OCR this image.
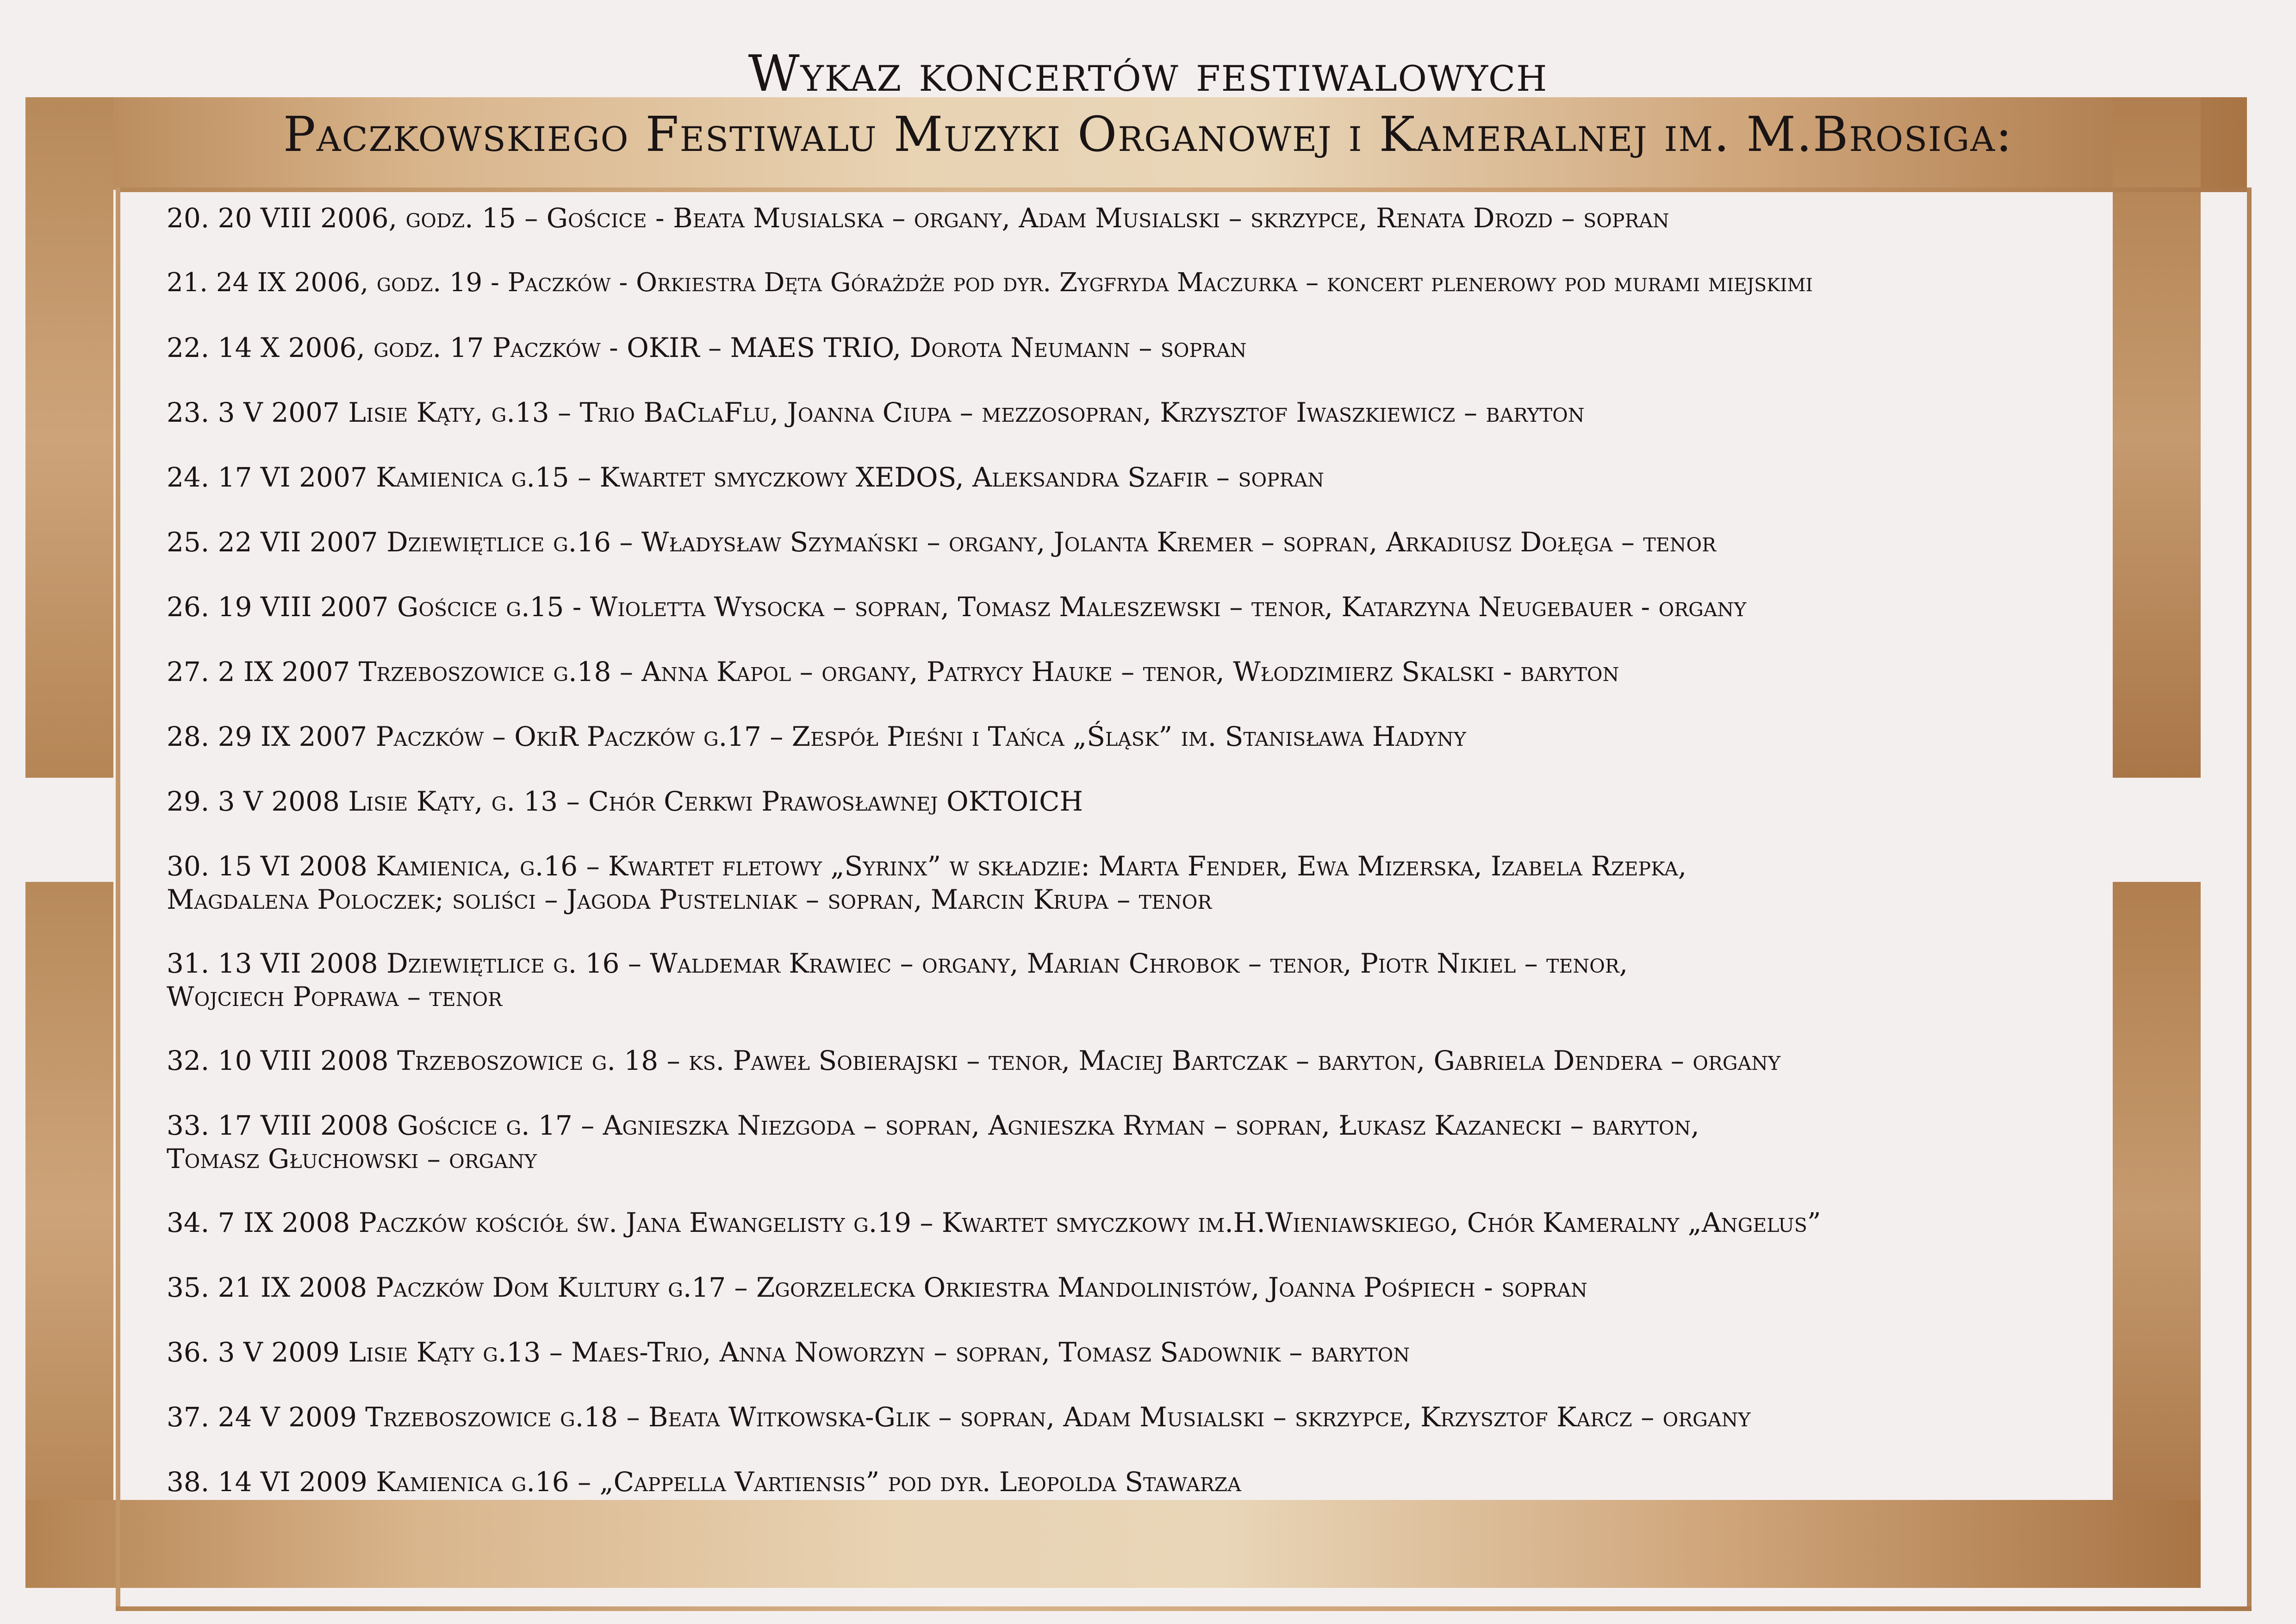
Wykaz koncertów festiwalowych
Paczkowskiego Festiwalu Muzyki Organowej i Kameralnej im. M.Brosiga:
20. 20 VIII 2006, godz. 15 – Gościce - Beata Musialska – organy, Adam Musialski – skrzypce, Renata Drozd – sopran
21. 24 IX 2006, godz. 19 - Paczków - Orkiestra Dęta Górażdże pod dyr. Zygfryda Maczurka – koncert plenerowy pod murami miejskimi
22. 14 X 2006, godz. 17 Paczków - OKIR – MAES TRIO, Dorota Neumann – sopran
23. 3 V 2007 Lisie Kąty, g.13 – Trio BaClaFlu, Joanna Ciupa – mezzosopran, Krzysztof Iwaszkiewicz – baryton
24. 17 VI 2007 Kamienica g.15 – Kwartet smyczkowy XEDOS, Aleksandra Szafir – sopran
25. 22 VII 2007 Dziewiętlice g.16 – Władysław Szymański – organy, Jolanta Kremer – sopran, Arkadiusz Dołęga – tenor
26. 19 VIII 2007 Gościce g.15 - Wioletta Wysocka – sopran, Tomasz Maleszewski – tenor, Katarzyna Neugebauer - organy
27. 2 IX 2007 Trzeboszowice g.18 – Anna Kapol – organy, Patrycy Hauke – tenor, Włodzimierz Skalski - baryton
28. 29 IX 2007 Paczków – OkiR Paczków g.17 – Zespół Pieśni i Tańca „Śląsk” im. Stanisława Hadyny
29. 3 V 2008 Lisie Kąty, g. 13 – Chór Cerkwi Prawosławnej OKTOICH
30. 15 VI 2008 Kamienica, g.16 – Kwartet fletowy „Syrinx” w składzie: Marta Fender, Ewa Mizerska, Izabela Rzepka,
Magdalena Poloczek; soliści – Jagoda Pustelniak – sopran, Marcin Krupa – tenor
31. 13 VII 2008 Dziewiętlice g. 16 – Waldemar Krawiec – organy, Marian Chrobok – tenor, Piotr Nikiel – tenor,
Wojciech Poprawa – tenor
32. 10 VIII 2008 Trzeboszowice g. 18 – ks. Paweł Sobierajski – tenor, Maciej Bartczak – baryton, Gabriela Dendera – organy
33. 17 VIII 2008 Gościce g. 17 – Agnieszka Niezgoda – sopran, Agnieszka Ryman – sopran, Łukasz Kazanecki – baryton,
Tomasz Głuchowski – organy
34. 7 IX 2008 Paczków kościół św. Jana Ewangelisty g.19 – Kwartet smyczkowy im.H.Wieniawskiego, Chór Kameralny „Angelus”
35. 21 IX 2008 Paczków Dom Kultury g.17 – Zgorzelecka Orkiestra Mandolinistów, Joanna Pośpiech - sopran
36. 3 V 2009 Lisie Kąty g.13 – Maes-Trio, Anna Noworzyn – sopran, Tomasz Sadownik – baryton
37. 24 V 2009 Trzeboszowice g.18 – Beata Witkowska-Glik – sopran, Adam Musialski – skrzypce, Krzysztof Karcz – organy
38. 14 VI 2009 Kamienica g.16 – „Cappella Vartiensis” pod dyr. Leopolda Stawarza
